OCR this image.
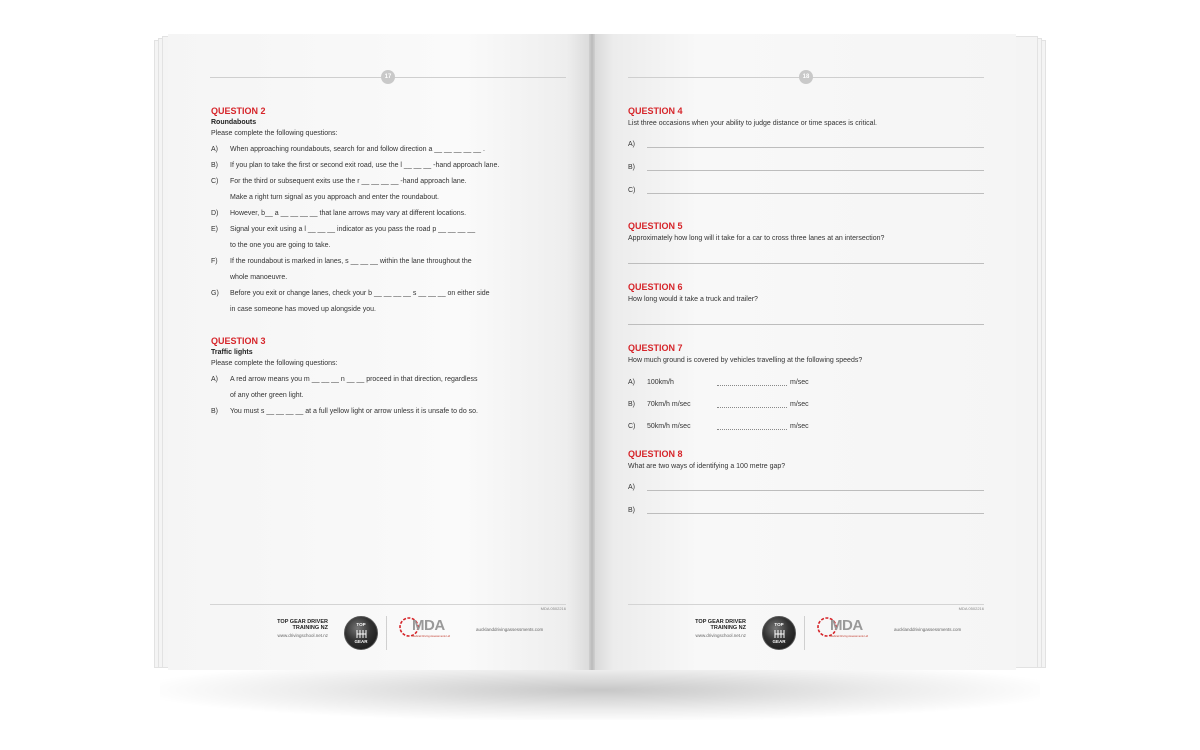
17
QUESTION 2
Roundabouts
Please complete the following questions:
A)	When approaching roundabouts, search for and follow direction a __ __ __ __ __ .
B)	If you plan to take the first or second exit road, use the l __ __ __ -hand approach lane.
C)	For the third or subsequent exits use the r __ __ __ __ -hand approach lane.
Make a right turn signal as you approach and enter the roundabout.
D)	However, b__ a __ __ __ __ that lane arrows may vary at different locations.
E)	Signal your exit using a l __ __ __ indicator as you pass the road p __ __ __ __
to the one you are going to take.
F)	If the roundabout is marked in lanes, s __ __ __ within the lane throughout the
whole manoeuvre.
G)	Before you exit or change lanes, check your b __ __ __ __ s __ __ __ on either side
in case someone has moved up alongside you.
QUESTION 3
Traffic lights
Please complete the following questions:
A)	A red arrow means you m __ __ __ n __ __ proceed in that direction, regardless
of any other green light.
B)	You must s __ __ __ __ at a full yellow light or arrow unless it is unsafe to do so.
MDA 0502216
TOP GEAR DRIVER
TRAINING NZ
www.drivingschool.net.nz
TOP
GEAR
MDA
Medical Driving Assessments Ltd
aucklanddrivingassessments.com
18
QUESTION 4
List three occasions when your ability to judge distance or time spaces is critical.
A)
B)
C)
QUESTION 5
Approximately how long will it take for a car to cross three lanes at an intersection?
QUESTION 6
How long would it take a truck and trailer?
QUESTION 7
How much ground is covered by vehicles travelling at the following speeds?
A)	100km/h	m/sec
B)	70km/h m/sec	m/sec
C)	50km/h m/sec	m/sec
QUESTION 8
What are two ways of identifying a 100 metre gap?
A)
B)
MDA 0502216
TOP GEAR DRIVER
TRAINING NZ
www.drivingschool.net.nz
TOP
GEAR
MDA
Medical Driving Assessments Ltd
aucklanddrivingassessments.com
